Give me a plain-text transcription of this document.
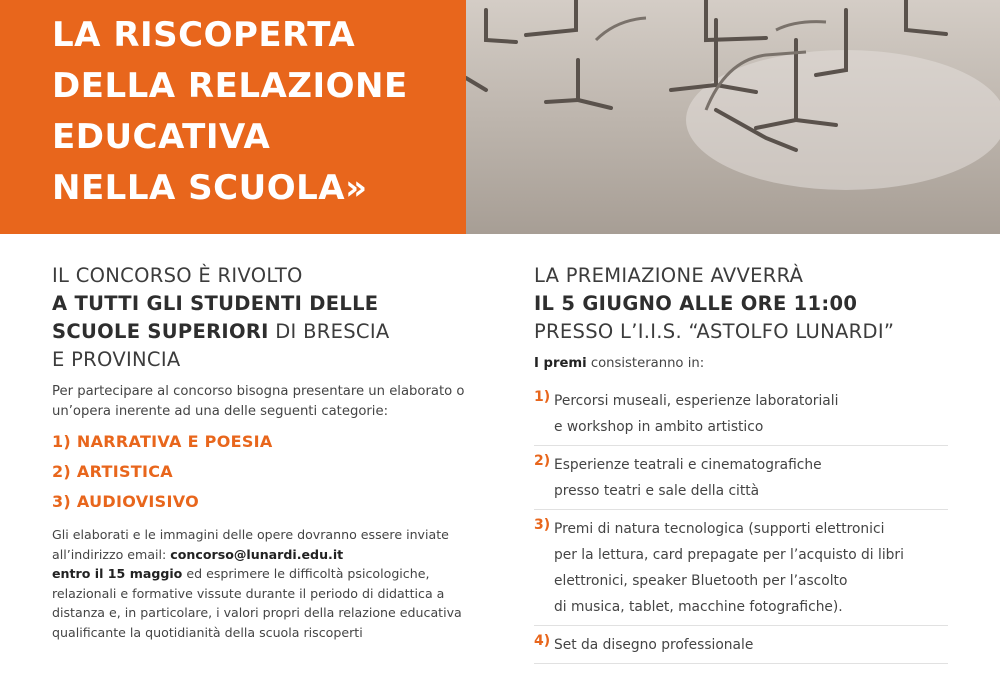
LA RISCOPERTA
DELLA RELAZIONE
EDUCATIVA
NELLA SCUOLA»
IL CONCORSO È RIVOLTO
A TUTTI GLI STUDENTI DELLE
SCUOLE SUPERIORI DI BRESCIA
E PROVINCIA

Per partecipare al concorso bisogna presentare un elaborato o un’opera inerente ad una delle seguenti categorie:

1) NARRATIVA E POESIA
2) ARTISTICA
3) AUDIOVISIVO

Gli elaborati e le immagini delle opere dovranno essere inviate all’indirizzo email: concorso@lunardi.edu.it
entro il 15 maggio ed esprimere le difficoltà psicologiche, relazionali e formative vissute durante il periodo di didattica a distanza e, in particolare, i valori propri della relazione educativa qualificante la quotidianità della scuola riscoperti

LA PREMIAZIONE AVVERRÀ
IL 5 GIUGNO ALLE ORE 11:00
PRESSO L’I.I.S. “ASTOLFO LUNARDI”

I premi consisteranno in:

1) Percorsi museali, esperienze laboratoriali
e workshop in ambito artistico
2) Esperienze teatrali e cinematografiche
presso teatri e sale della città
3) Premi di natura tecnologica (supporti elettronici
per la lettura, card prepagate per l’acquisto di libri
elettronici, speaker Bluetooth per l’ascolto
di musica, tablet, macchine fotografiche).
4) Set da disegno professionale
